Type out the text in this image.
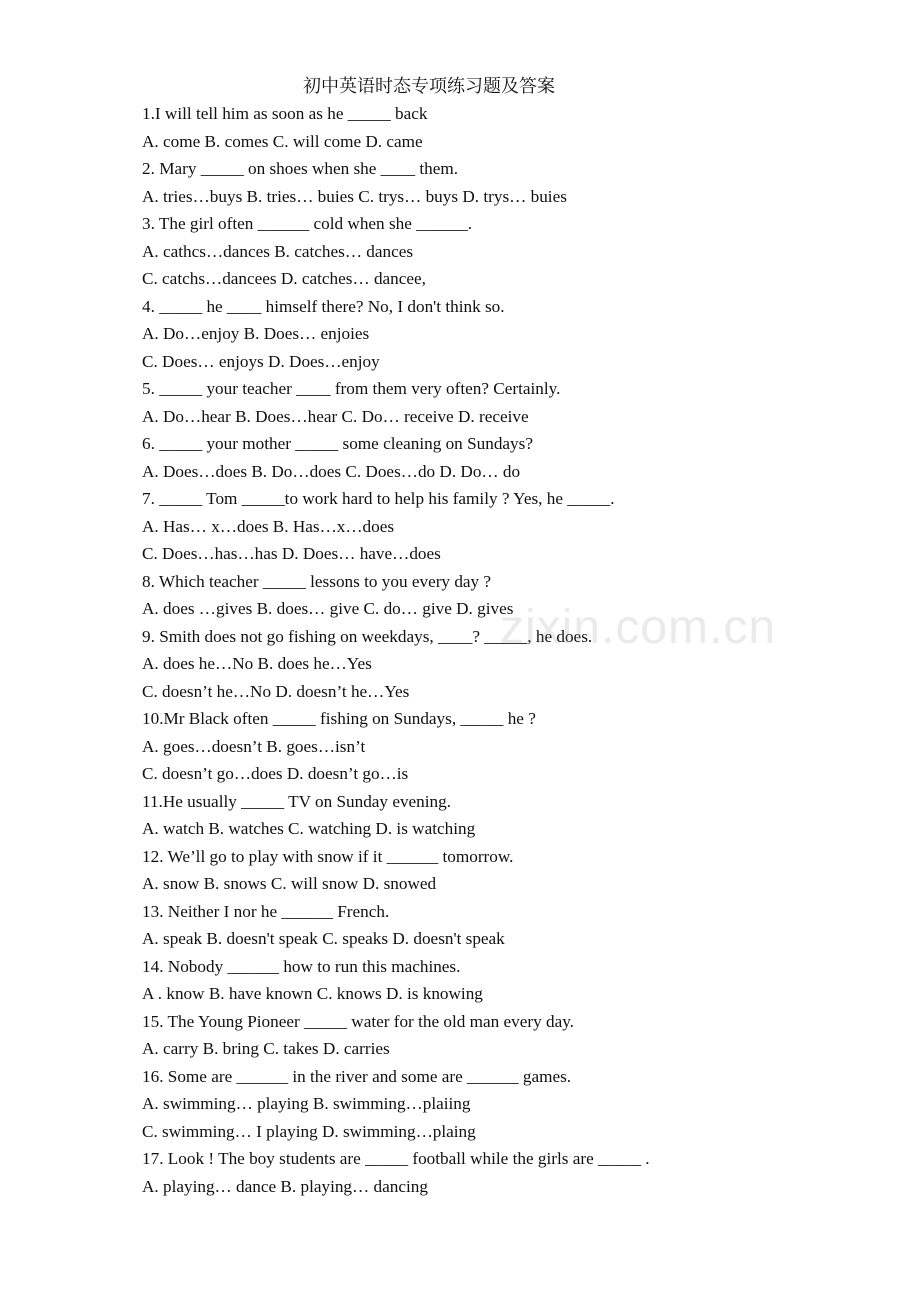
初中英语时态专项练习题及答案

1.I will tell him as soon as he _____ back

A. come B. comes C. will come D. came

2. Mary _____ on shoes when she ____ them.

A. tries…buys B. tries… buies C. trys… buys D. trys… buies

3. The girl often ______ cold when she ______.

A. cathcs…dances B. catches… dances

C. catchs…dancees D. catches… dancee,

4. _____ he ____ himself there? No, I don't think so.

A. Do…enjoy B. Does… enjoies

C. Does… enjoys D. Does…enjoy

5. _____ your teacher ____ from them very often? Certainly.

A. Do…hear B. Does…hear C. Do… receive D. receive

6. _____ your mother _____ some cleaning on Sundays?

A. Does…does B. Do…does C. Does…do D. Do… do

7. _____ Tom _____to work hard to help his family ? Yes, he _____.

A. Has… x…does B. Has…x…does

C. Does…has…has D. Does… have…does

8. Which teacher _____ lessons to you every day ?

A. does …gives B. does… give C. do… give D. gives

9. Smith does not go fishing on weekdays, ____? _____, he does.

A. does he…No B. does he…Yes

C. doesn’t he…No D. doesn’t he…Yes

10.Mr Black often _____ fishing on Sundays, _____ he ?

A. goes…doesn’t B. goes…isn’t

C. doesn’t go…does D. doesn’t go…is

11.He usually _____ TV on Sunday evening.

A. watch B. watches C. watching D. is watching

12. We’ll go to play with snow if it ______ tomorrow.

A. snow B. snows C. will snow D. snowed

13. Neither I nor he ______ French.

A. speak B. doesn't speak C. speaks D. doesn't speak

14. Nobody ______ how to run this machines.

A . know B. have known C. knows D. is knowing

15. The Young Pioneer _____ water for the old man every day.

A. carry B. bring C. takes D. carries

16. Some are ______ in the river and some are ______ games.

A. swimming… playing B. swimming…plaiing

C. swimming… I playing D. swimming…plaing

17. Look ! The boy students are _____ football while the girls are _____ .

A. playing… dance B. playing… dancing

zixin.com.cn
